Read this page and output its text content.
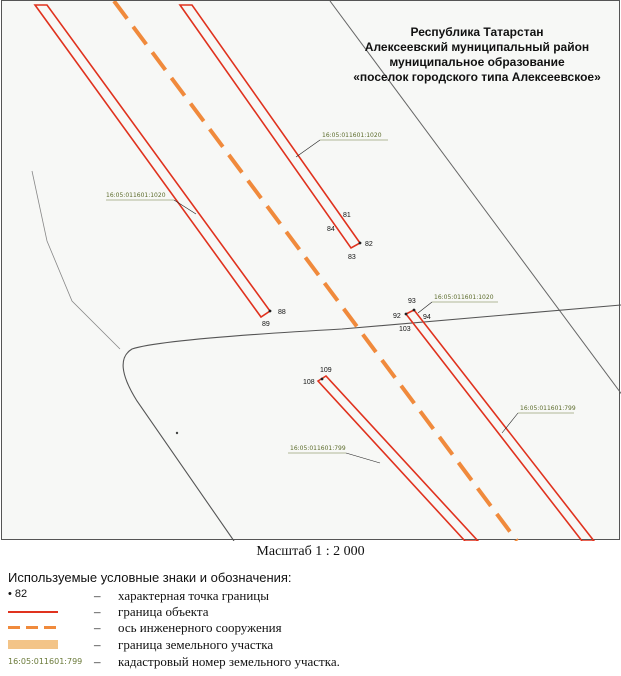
81
82
83
84
88
89
93
92
103
94
109
108
16:05:011601:1020
16:05:011601:1020
16:05:011601:1020
16:05:011601:799
16:05:011601:799
Республика Татарстан
Алексеевский муниципальный район
муниципальное образование
«поселок городского типа Алексеевское»
Масштаб 1 : 2 000
Используемые условные знаки и обозначения:
• 82	– характерная точка границы
– граница объекта
– ось инженерного сооружения
– граница земельного участка
16:05:011601:799 – кадастровый номер земельного участка.
